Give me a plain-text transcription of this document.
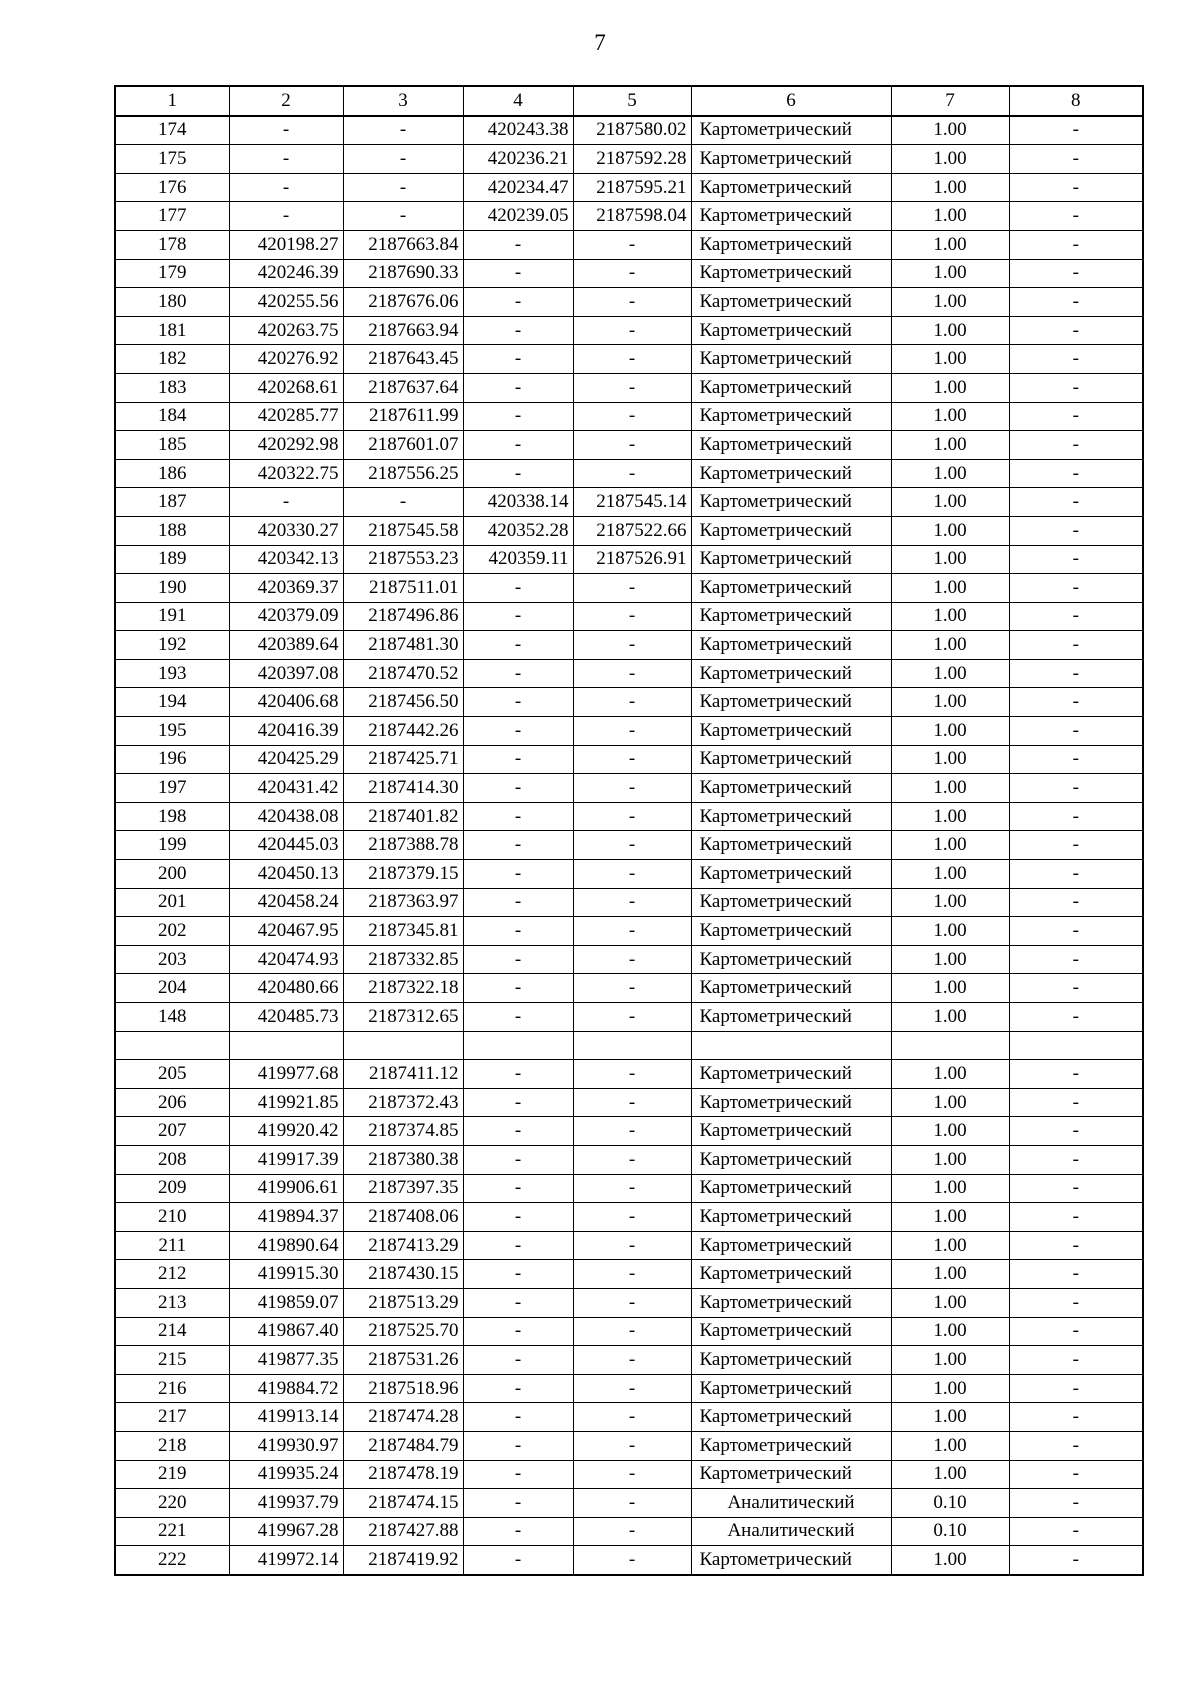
7
1	2	3	4	5	6	7	8
174	-	-	420243.38	2187580.02	Картометрический	1.00	-
175	-	-	420236.21	2187592.28	Картометрический	1.00	-
176	-	-	420234.47	2187595.21	Картометрический	1.00	-
177	-	-	420239.05	2187598.04	Картометрический	1.00	-
178	420198.27	2187663.84	-	-	Картометрический	1.00	-
179	420246.39	2187690.33	-	-	Картометрический	1.00	-
180	420255.56	2187676.06	-	-	Картометрический	1.00	-
181	420263.75	2187663.94	-	-	Картометрический	1.00	-
182	420276.92	2187643.45	-	-	Картометрический	1.00	-
183	420268.61	2187637.64	-	-	Картометрический	1.00	-
184	420285.77	2187611.99	-	-	Картометрический	1.00	-
185	420292.98	2187601.07	-	-	Картометрический	1.00	-
186	420322.75	2187556.25	-	-	Картометрический	1.00	-
187	-	-	420338.14	2187545.14	Картометрический	1.00	-
188	420330.27	2187545.58	420352.28	2187522.66	Картометрический	1.00	-
189	420342.13	2187553.23	420359.11	2187526.91	Картометрический	1.00	-
190	420369.37	2187511.01	-	-	Картометрический	1.00	-
191	420379.09	2187496.86	-	-	Картометрический	1.00	-
192	420389.64	2187481.30	-	-	Картометрический	1.00	-
193	420397.08	2187470.52	-	-	Картометрический	1.00	-
194	420406.68	2187456.50	-	-	Картометрический	1.00	-
195	420416.39	2187442.26	-	-	Картометрический	1.00	-
196	420425.29	2187425.71	-	-	Картометрический	1.00	-
197	420431.42	2187414.30	-	-	Картометрический	1.00	-
198	420438.08	2187401.82	-	-	Картометрический	1.00	-
199	420445.03	2187388.78	-	-	Картометрический	1.00	-
200	420450.13	2187379.15	-	-	Картометрический	1.00	-
201	420458.24	2187363.97	-	-	Картометрический	1.00	-
202	420467.95	2187345.81	-	-	Картометрический	1.00	-
203	420474.93	2187332.85	-	-	Картометрический	1.00	-
204	420480.66	2187322.18	-	-	Картометрический	1.00	-
148	420485.73	2187312.65	-	-	Картометрический	1.00	-

205	419977.68	2187411.12	-	-	Картометрический	1.00	-
206	419921.85	2187372.43	-	-	Картометрический	1.00	-
207	419920.42	2187374.85	-	-	Картометрический	1.00	-
208	419917.39	2187380.38	-	-	Картометрический	1.00	-
209	419906.61	2187397.35	-	-	Картометрический	1.00	-
210	419894.37	2187408.06	-	-	Картометрический	1.00	-
211	419890.64	2187413.29	-	-	Картометрический	1.00	-
212	419915.30	2187430.15	-	-	Картометрический	1.00	-
213	419859.07	2187513.29	-	-	Картометрический	1.00	-
214	419867.40	2187525.70	-	-	Картометрический	1.00	-
215	419877.35	2187531.26	-	-	Картометрический	1.00	-
216	419884.72	2187518.96	-	-	Картометрический	1.00	-
217	419913.14	2187474.28	-	-	Картометрический	1.00	-
218	419930.97	2187484.79	-	-	Картометрический	1.00	-
219	419935.24	2187478.19	-	-	Картометрический	1.00	-
220	419937.79	2187474.15	-	-	Аналитический	0.10	-
221	419967.28	2187427.88	-	-	Аналитический	0.10	-
222	419972.14	2187419.92	-	-	Картометрический	1.00	-
